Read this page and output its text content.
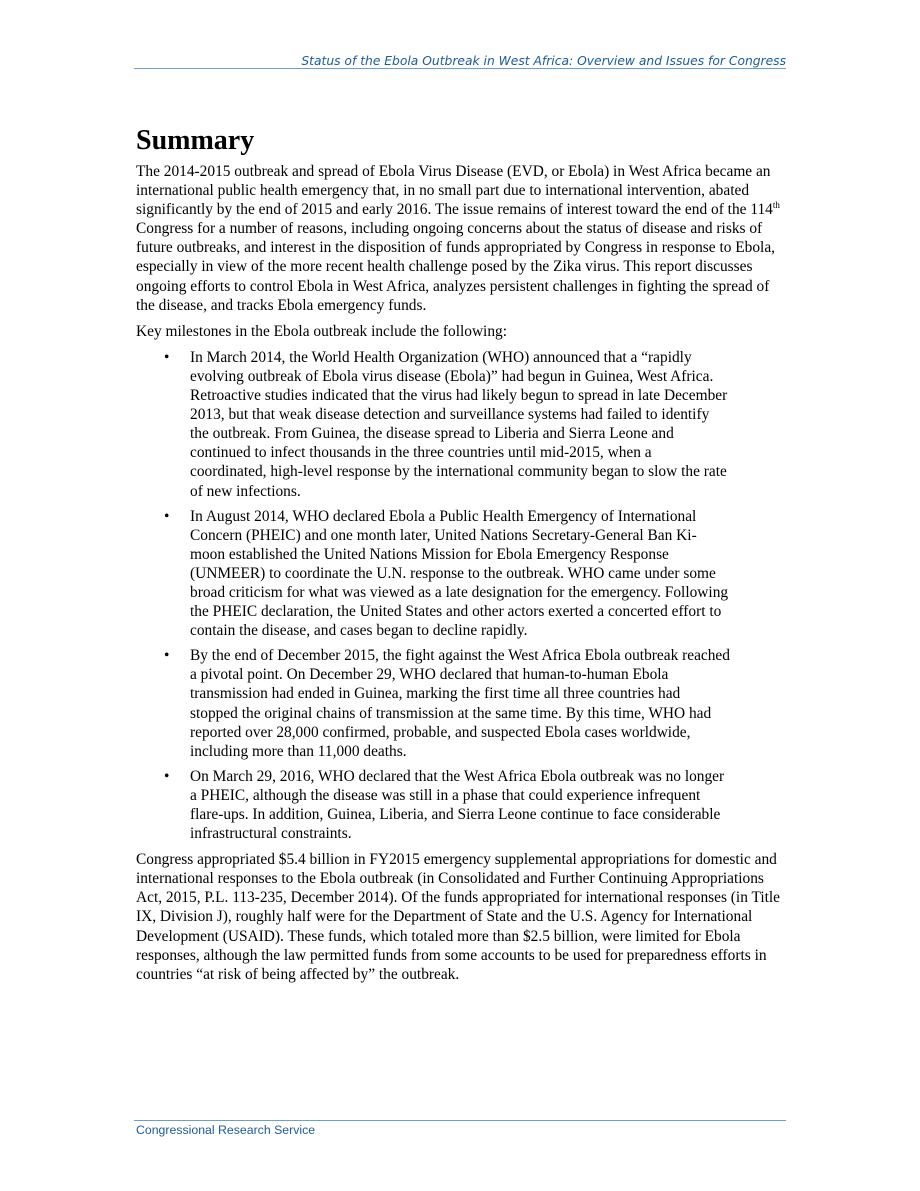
Status of the Ebola Outbreak in West Africa: Overview and Issues for Congress
Summary

The 2014-2015 outbreak and spread of Ebola Virus Disease (EVD, or Ebola) in West Africa became an international public health emergency that, in no small part due to international intervention, abated significantly by the end of 2015 and early 2016. The issue remains of interest toward the end of the 114th Congress for a number of reasons, including ongoing concerns about the status of disease and risks of future outbreaks, and interest in the disposition of funds appropriated by Congress in response to Ebola, especially in view of the more recent health challenge posed by the Zika virus. This report discusses ongoing efforts to control Ebola in West Africa, analyzes persistent challenges in fighting the spread of the disease, and tracks Ebola emergency funds.

Key milestones in the Ebola outbreak include the following:

• In March 2014, the World Health Organization (WHO) announced that a “rapidly evolving outbreak of Ebola virus disease (Ebola)” had begun in Guinea, West Africa. Retroactive studies indicated that the virus had likely begun to spread in late December 2013, but that weak disease detection and surveillance systems had failed to identify the outbreak. From Guinea, the disease spread to Liberia and Sierra Leone and continued to infect thousands in the three countries until mid-2015, when a coordinated, high-level response by the international community began to slow the rate of new infections.
• In August 2014, WHO declared Ebola a Public Health Emergency of International Concern (PHEIC) and one month later, United Nations Secretary-General Ban Ki-moon established the United Nations Mission for Ebola Emergency Response (UNMEER) to coordinate the U.N. response to the outbreak. WHO came under some broad criticism for what was viewed as a late designation for the emergency. Following the PHEIC declaration, the United States and other actors exerted a concerted effort to contain the disease, and cases began to decline rapidly.
• By the end of December 2015, the fight against the West Africa Ebola outbreak reached a pivotal point. On December 29, WHO declared that human-to-human Ebola transmission had ended in Guinea, marking the first time all three countries had stopped the original chains of transmission at the same time. By this time, WHO had reported over 28,000 confirmed, probable, and suspected Ebola cases worldwide, including more than 11,000 deaths.
• On March 29, 2016, WHO declared that the West Africa Ebola outbreak was no longer a PHEIC, although the disease was still in a phase that could experience infrequent flare-ups. In addition, Guinea, Liberia, and Sierra Leone continue to face considerable infrastructural constraints.

Congress appropriated $5.4 billion in FY2015 emergency supplemental appropriations for domestic and international responses to the Ebola outbreak (in Consolidated and Further Continuing Appropriations Act, 2015, P.L. 113-235, December 2014). Of the funds appropriated for international responses (in Title IX, Division J), roughly half were for the Department of State and the U.S. Agency for International Development (USAID). These funds, which totaled more than $2.5 billion, were limited for Ebola responses, although the law permitted funds from some accounts to be used for preparedness efforts in countries “at risk of being affected by” the outbreak.

Congressional Research Service
